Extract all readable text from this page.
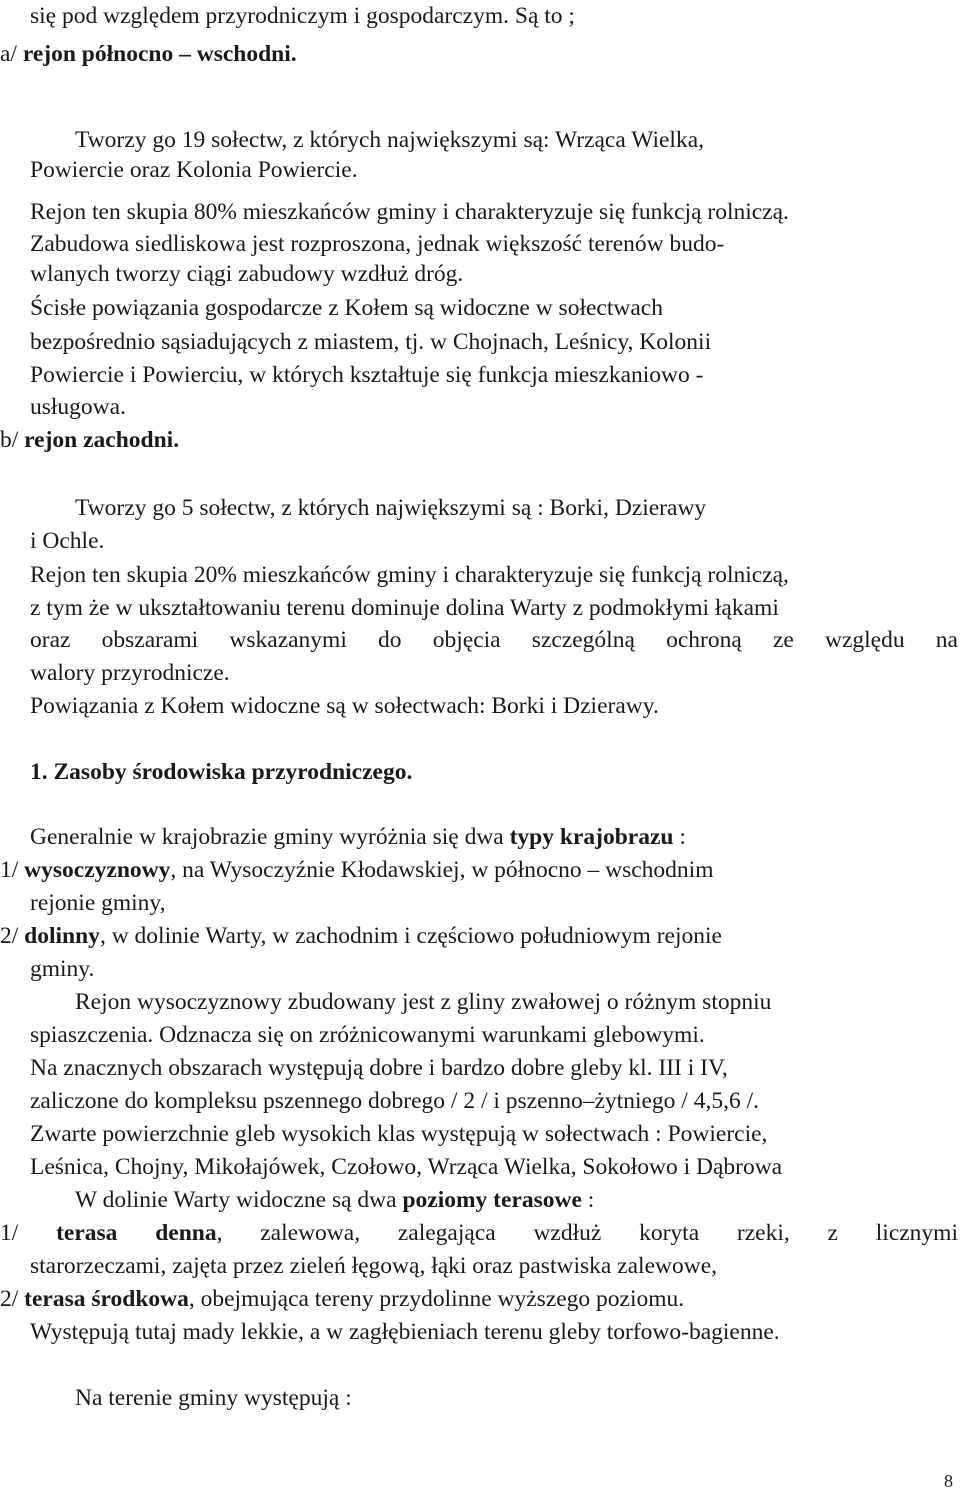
się pod względem przyrodniczym i gospodarczym. Są to ;
a/ rejon północno – wschodni.
Tworzy go 19 sołectw, z których największymi są: Wrząca Wielka,
Powiercie oraz Kolonia Powiercie.
Rejon ten skupia 80% mieszkańców gminy i charakteryzuje się funkcją rolniczą.
Zabudowa siedliskowa jest rozproszona, jednak większość terenów budo-
wlanych tworzy ciągi zabudowy wzdłuż dróg.
Ścisłe powiązania gospodarcze z Kołem są widoczne w sołectwach
bezpośrednio sąsiadujących z miastem, tj. w Chojnach, Leśnicy, Kolonii
Powiercie i Powierciu, w których kształtuje się funkcja mieszkaniowo -
usługowa.
b/ rejon zachodni.
Tworzy go 5 sołectw, z których największymi są : Borki, Dzierawy
i Ochle.
Rejon ten skupia 20% mieszkańców gminy i charakteryzuje się funkcją rolniczą,
z tym że w ukształtowaniu terenu dominuje dolina Warty z podmokłymi łąkami
oraz obszarami wskazanymi do objęcia szczególną ochroną ze względu na
walory przyrodnicze.
Powiązania z Kołem widoczne są w sołectwach: Borki i Dzierawy.
1. Zasoby środowiska przyrodniczego.
Generalnie w krajobrazie gminy wyróżnia się dwa typy krajobrazu :
1/ wysoczyznowy, na Wysoczyźnie Kłodawskiej, w północno – wschodnim
rejonie gminy,
2/ dolinny, w dolinie Warty, w zachodnim i częściowo południowym rejonie
gminy.
Rejon wysoczyznowy zbudowany jest z gliny zwałowej o różnym stopniu
spiaszczenia. Odznacza się on zróżnicowanymi warunkami glebowymi.
Na znacznych obszarach występują dobre i bardzo dobre gleby kl. III i IV,
zaliczone do kompleksu pszennego dobrego / 2 / i pszenno–żytniego / 4,5,6 /.
Zwarte powierzchnie gleb wysokich klas występują w sołectwach : Powiercie,
Leśnica, Chojny, Mikołajówek, Czołowo, Wrząca Wielka, Sokołowo i Dąbrowa
W dolinie Warty widoczne są dwa poziomy terasowe :
1/ terasa denna, zalewowa, zalegająca wzdłuż koryta rzeki, z licznymi
starorzeczami, zajęta przez zieleń łęgową, łąki oraz pastwiska zalewowe,
2/ terasa środkowa, obejmująca tereny przydolinne wyższego poziomu.
Występują tutaj mady lekkie, a w zagłębieniach terenu gleby torfowo-bagienne.
Na terenie gminy występują :
8
